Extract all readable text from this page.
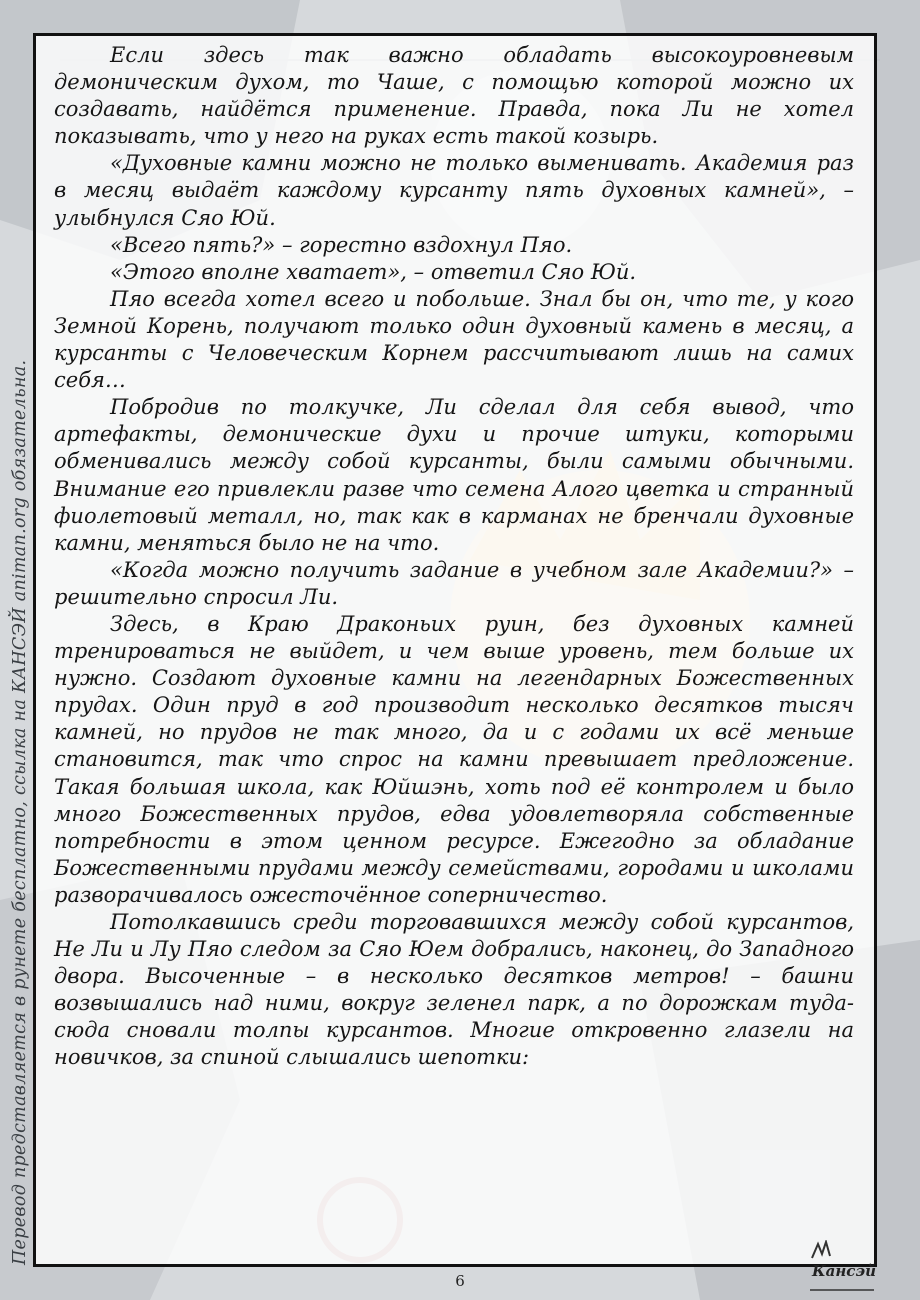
Если здесь так важно обладать высокоуровневым демоническим духом, то Чаше, с помощью которой можно их создавать, найдётся применение. Правда, пока Ли не хотел показывать, что у него на руках есть такой козырь.

«Духовные камни можно не только выменивать. Академия раз в месяц выдаёт каждому курсанту пять духовных камней», – улыбнулся Сяо Юй.

«Всего пять?» – горестно вздохнул Пяо.

«Этого вполне хватает», – ответил Сяо Юй.

Пяо всегда хотел всего и побольше. Знал бы он, что те, у кого Земной Корень, получают только один духовный камень в месяц, а курсанты с Человеческим Корнем рассчитывают лишь на самих себя…

Побродив по толкучке, Ли сделал для себя вывод, что артефакты, демонические духи и прочие штуки, которыми обменивались между собой курсанты, были самыми обычными. Внимание его привлекли разве что семена Алого цветка и странный фиолетовый металл, но, так как в карманах не бренчали духовные камни, меняться было не на что.

«Когда можно получить задание в учебном зале Академии?» – решительно спросил Ли.

Здесь, в Краю Драконьих руин, без духовных камней тренироваться не выйдет, и чем выше уровень, тем больше их нужно. Создают духовные камни на легендарных Божественных прудах. Один пруд в год производит несколько десятков тысяч камней, но прудов не так много, да и с годами их всё меньше становится, так что спрос на камни превышает предложение. Такая большая школа, как Юйшэнь, хоть под её контролем и было много Божественных прудов, едва удовлетворяла собственные потребности в этом ценном ресурсе. Ежегодно за обладание Божественными прудами между семействами, городами и школами разворачивалось ожесточённое соперничество.

Потолкавшись среди торговавшихся между собой курсантов, Не Ли и Лу Пяо следом за Сяо Юем добрались, наконец, до Западного двора. Высоченные – в несколько десятков метров! – башни возвышались над ними, вокруг зеленел парк, а по дорожкам туда-сюда сновали толпы курсантов. Многие откровенно глазели на новичков, за спиной слышались шепотки:

Перевод представляется в рунете бесплатно, ссылка на КАНСЭЙ animan.org обязательна.
6
Кансэй
